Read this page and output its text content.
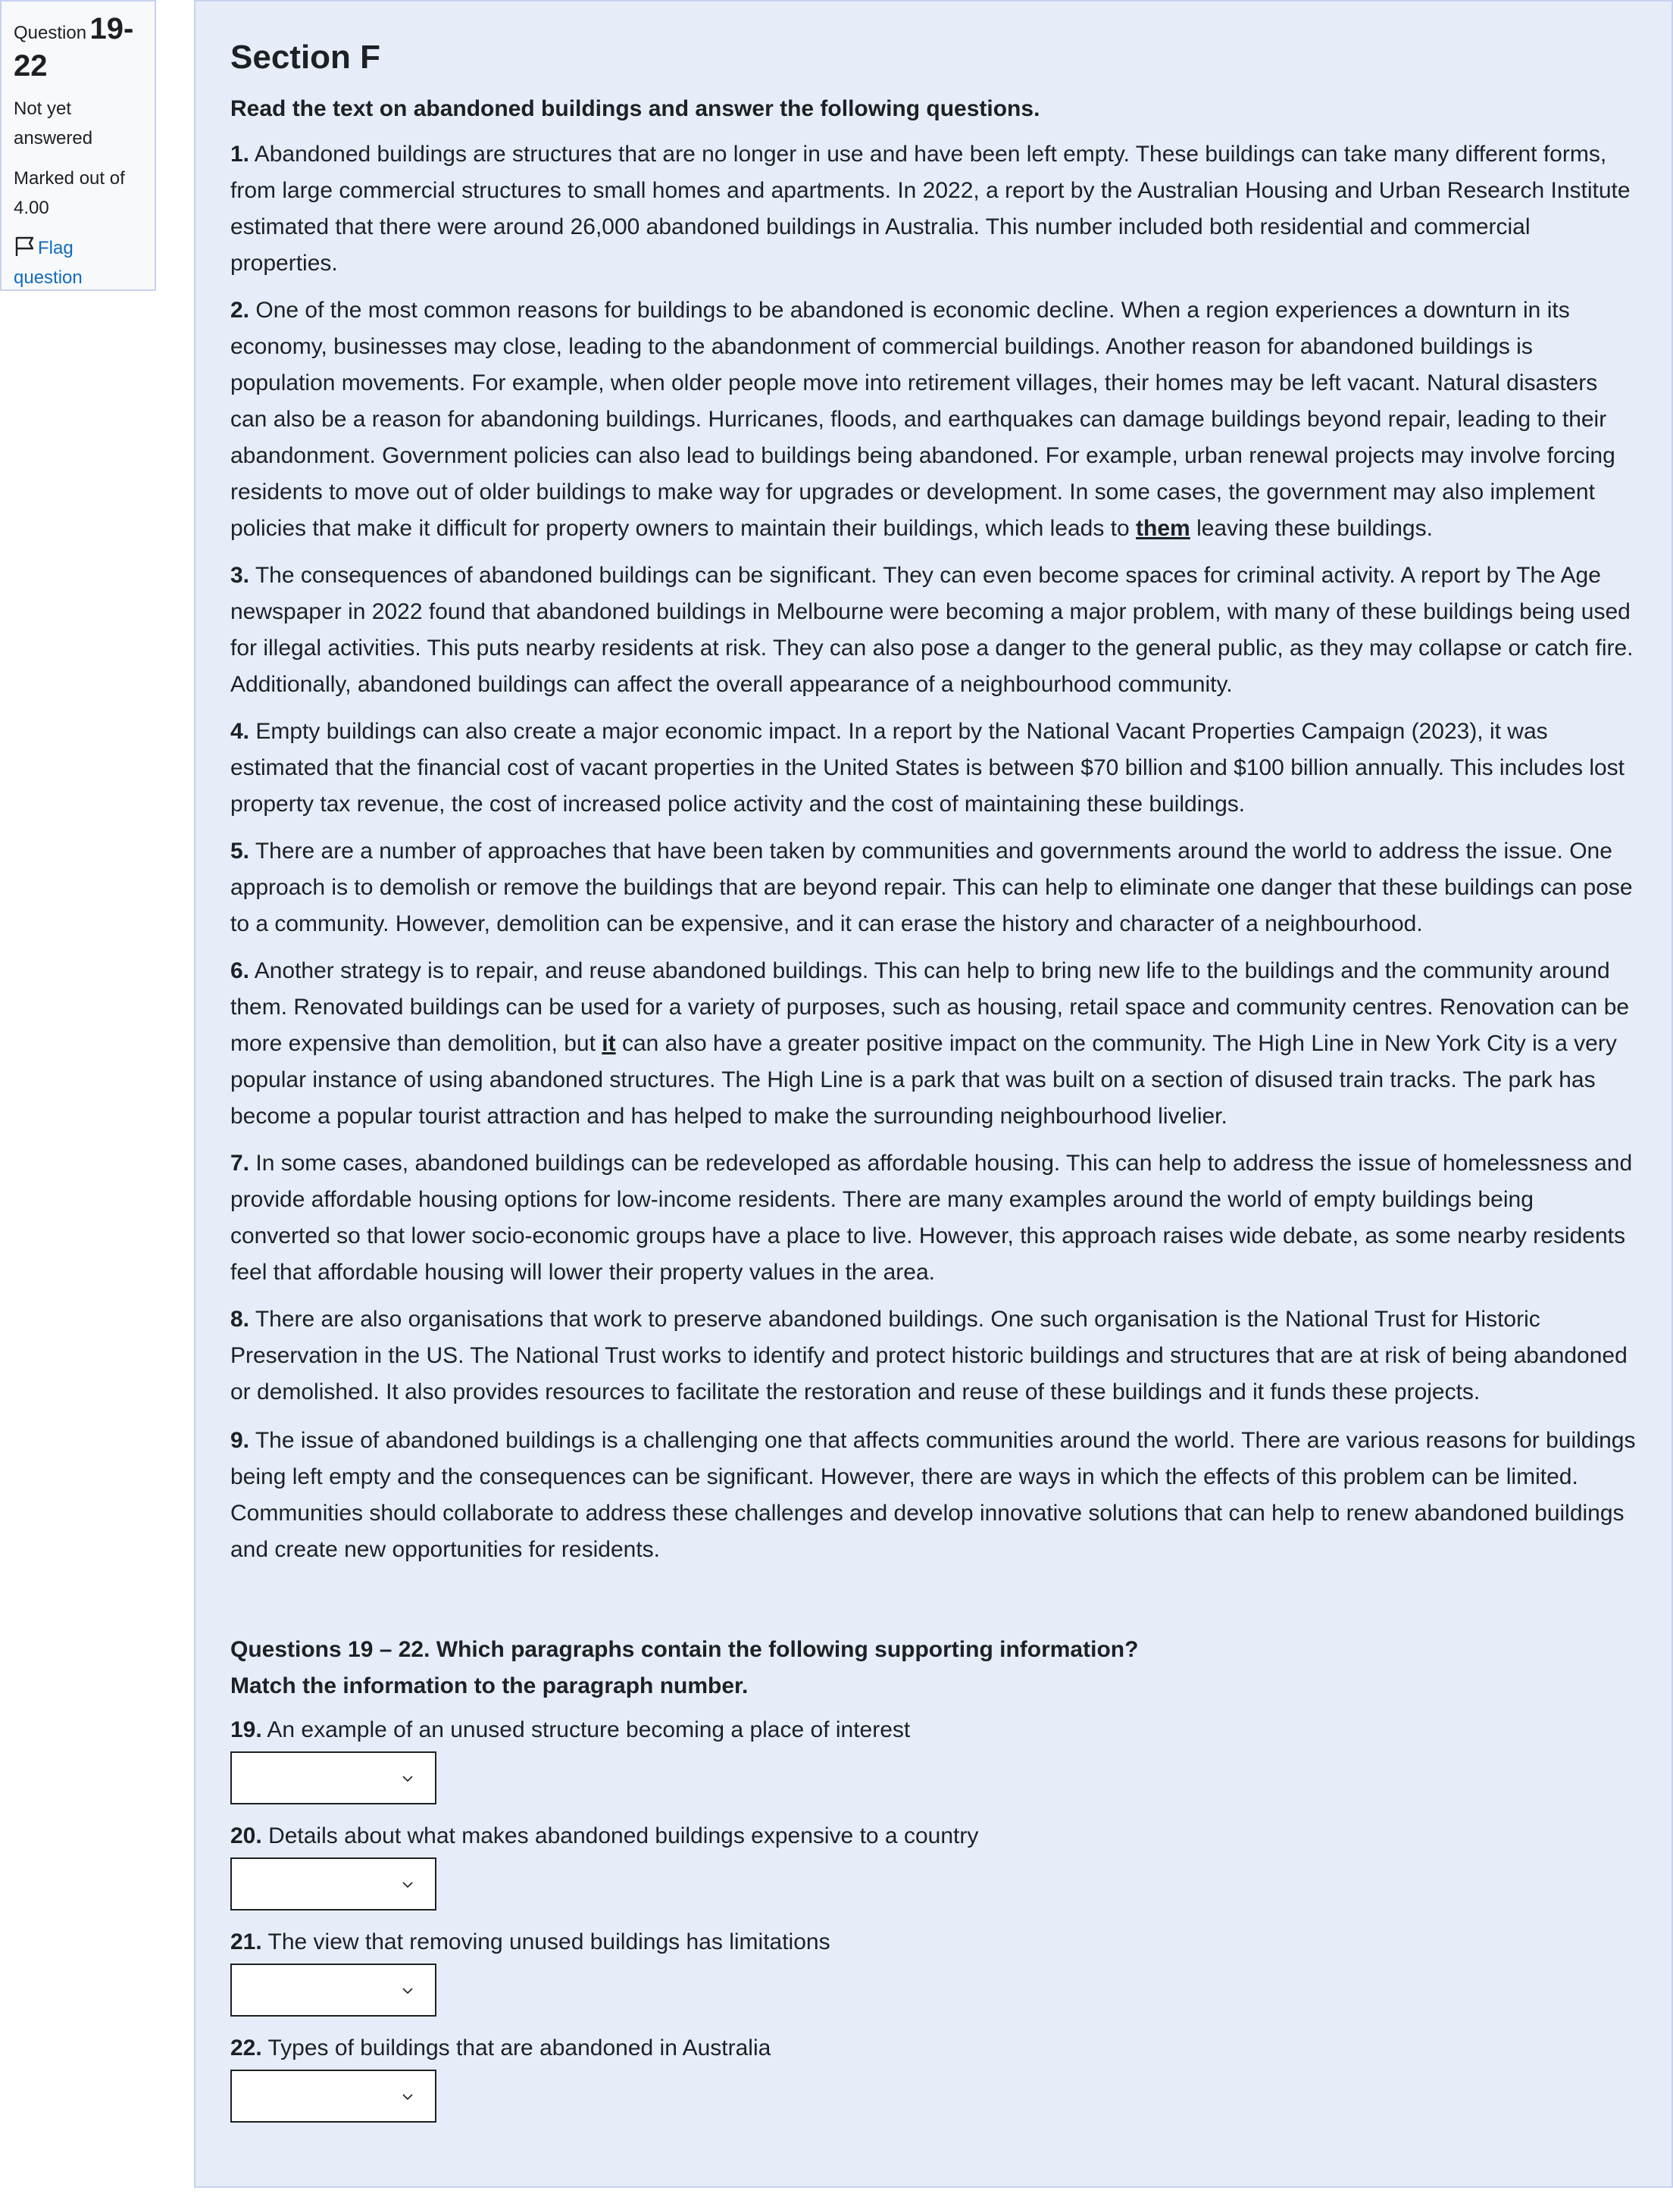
Question 19-22
Not yet answered
Marked out of 4.00
Flag question
Section F

Read the text on abandoned buildings and answer the following questions.

1. Abandoned buildings are structures that are no longer in use and have been left empty. These buildings can take many different forms, from large commercial structures to small homes and apartments. In 2022, a report by the Australian Housing and Urban Research Institute estimated that there were around 26,000 abandoned buildings in Australia. This number included both residential and commercial properties.

2. One of the most common reasons for buildings to be abandoned is economic decline. When a region experiences a downturn in its economy, businesses may close, leading to the abandonment of commercial buildings. Another reason for abandoned buildings is population movements. For example, when older people move into retirement villages, their homes may be left vacant. Natural disasters can also be a reason for abandoning buildings. Hurricanes, floods, and earthquakes can damage buildings beyond repair, leading to their abandonment. Government policies can also lead to buildings being abandoned. For example, urban renewal projects may involve forcing residents to move out of older buildings to make way for upgrades or development. In some cases, the government may also implement policies that make it difficult for property owners to maintain their buildings, which leads to them leaving these buildings.

3. The consequences of abandoned buildings can be significant. They can even become spaces for criminal activity. A report by The Age newspaper in 2022 found that abandoned buildings in Melbourne were becoming a major problem, with many of these buildings being used for illegal activities. This puts nearby residents at risk. They can also pose a danger to the general public, as they may collapse or catch fire. Additionally, abandoned buildings can affect the overall appearance of a neighbourhood community.

4. Empty buildings can also create a major economic impact. In a report by the National Vacant Properties Campaign (2023), it was estimated that the financial cost of vacant properties in the United States is between $70 billion and $100 billion annually. This includes lost property tax revenue, the cost of increased police activity and the cost of maintaining these buildings.

5. There are a number of approaches that have been taken by communities and governments around the world to address the issue. One approach is to demolish or remove the buildings that are beyond repair. This can help to eliminate one danger that these buildings can pose to a community. However, demolition can be expensive, and it can erase the history and character of a neighbourhood.

6. Another strategy is to repair, and reuse abandoned buildings. This can help to bring new life to the buildings and the community around them. Renovated buildings can be used for a variety of purposes, such as housing, retail space and community centres. Renovation can be more expensive than demolition, but it can also have a greater positive impact on the community. The High Line in New York City is a very popular instance of using abandoned structures. The High Line is a park that was built on a section of disused train tracks. The park has become a popular tourist attraction and has helped to make the surrounding neighbourhood livelier.

7. In some cases, abandoned buildings can be redeveloped as affordable housing. This can help to address the issue of homelessness and provide affordable housing options for low-income residents. There are many examples around the world of empty buildings being converted so that lower socio-economic groups have a place to live. However, this approach raises wide debate, as some nearby residents feel that affordable housing will lower their property values in the area.

8. There are also organisations that work to preserve abandoned buildings. One such organisation is the National Trust for Historic Preservation in the US. The National Trust works to identify and protect historic buildings and structures that are at risk of being abandoned or demolished. It also provides resources to facilitate the restoration and reuse of these buildings and it funds these projects.

9. The issue of abandoned buildings is a challenging one that affects communities around the world. There are various reasons for buildings being left empty and the consequences can be significant. However, there are ways in which the effects of this problem can be limited. Communities should collaborate to address these challenges and develop innovative solutions that can help to renew abandoned buildings and create new opportunities for residents.

Questions 19 – 22. Which paragraphs contain the following supporting information?
Match the information to the paragraph number.
19. An example of an unused structure becoming a place of interest
20. Details about what makes abandoned buildings expensive to a country
21. The view that removing unused buildings has limitations
22. Types of buildings that are abandoned in Australia
